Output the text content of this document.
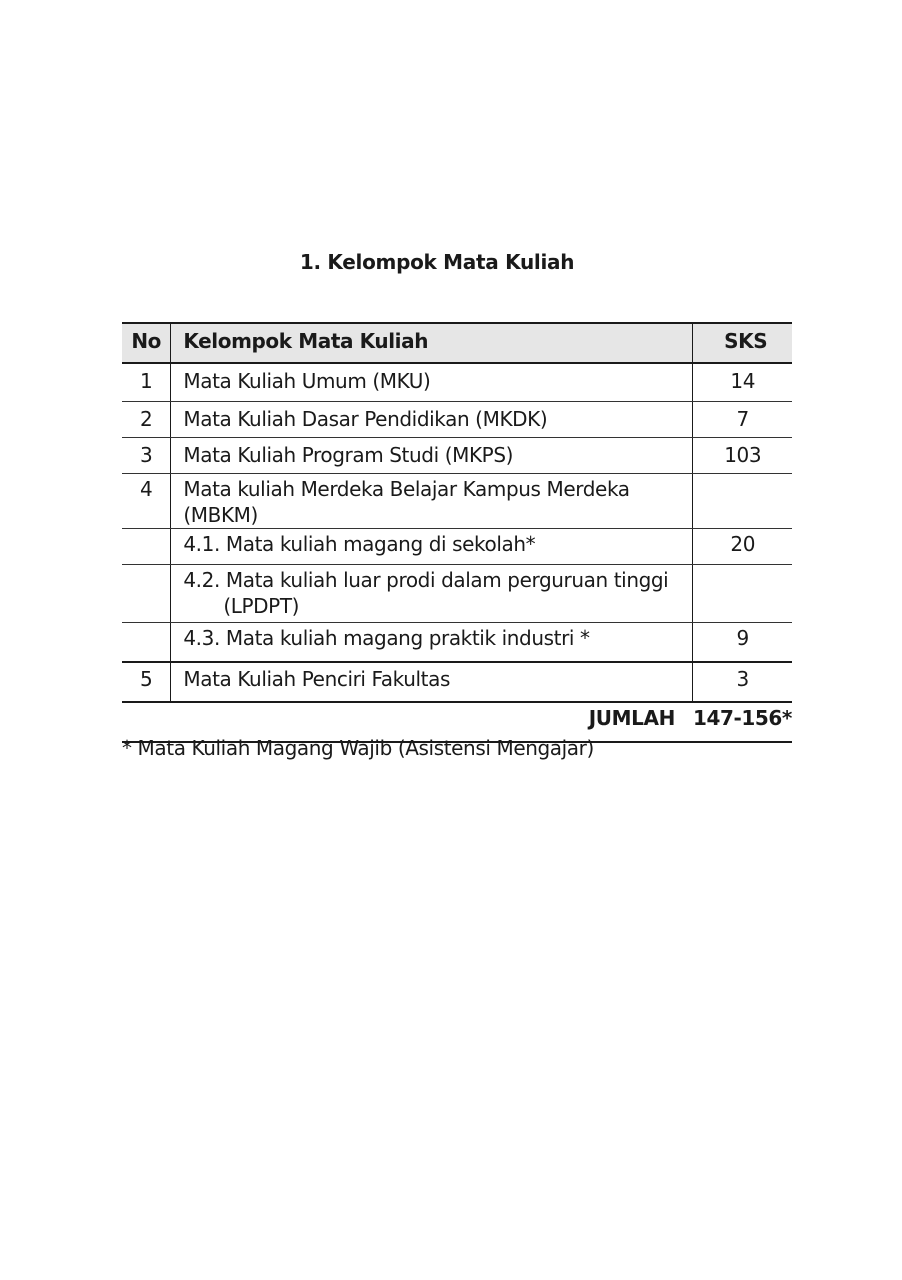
1. Kelompok Mata Kuliah
No	Kelompok Mata Kuliah	SKS
1	Mata Kuliah Umum (MKU)	14
2	Mata Kuliah Dasar Pendidikan (MKDK)	7
3	Mata Kuliah Program Studi (MKPS)	103
4	Mata kuliah Merdeka Belajar Kampus Merdeka (MBKM)	
	4.1. Mata kuliah magang di sekolah*	20
	4.2. Mata kuliah luar prodi dalam perguruan tinggi
(LPDPT)	

	4.3. Mata kuliah magang praktik industri *	9
5	Mata Kuliah Penciri Fakultas	3
JUMLAH		147-156*
* Mata Kuliah Magang Wajib (Asistensi Mengajar)
